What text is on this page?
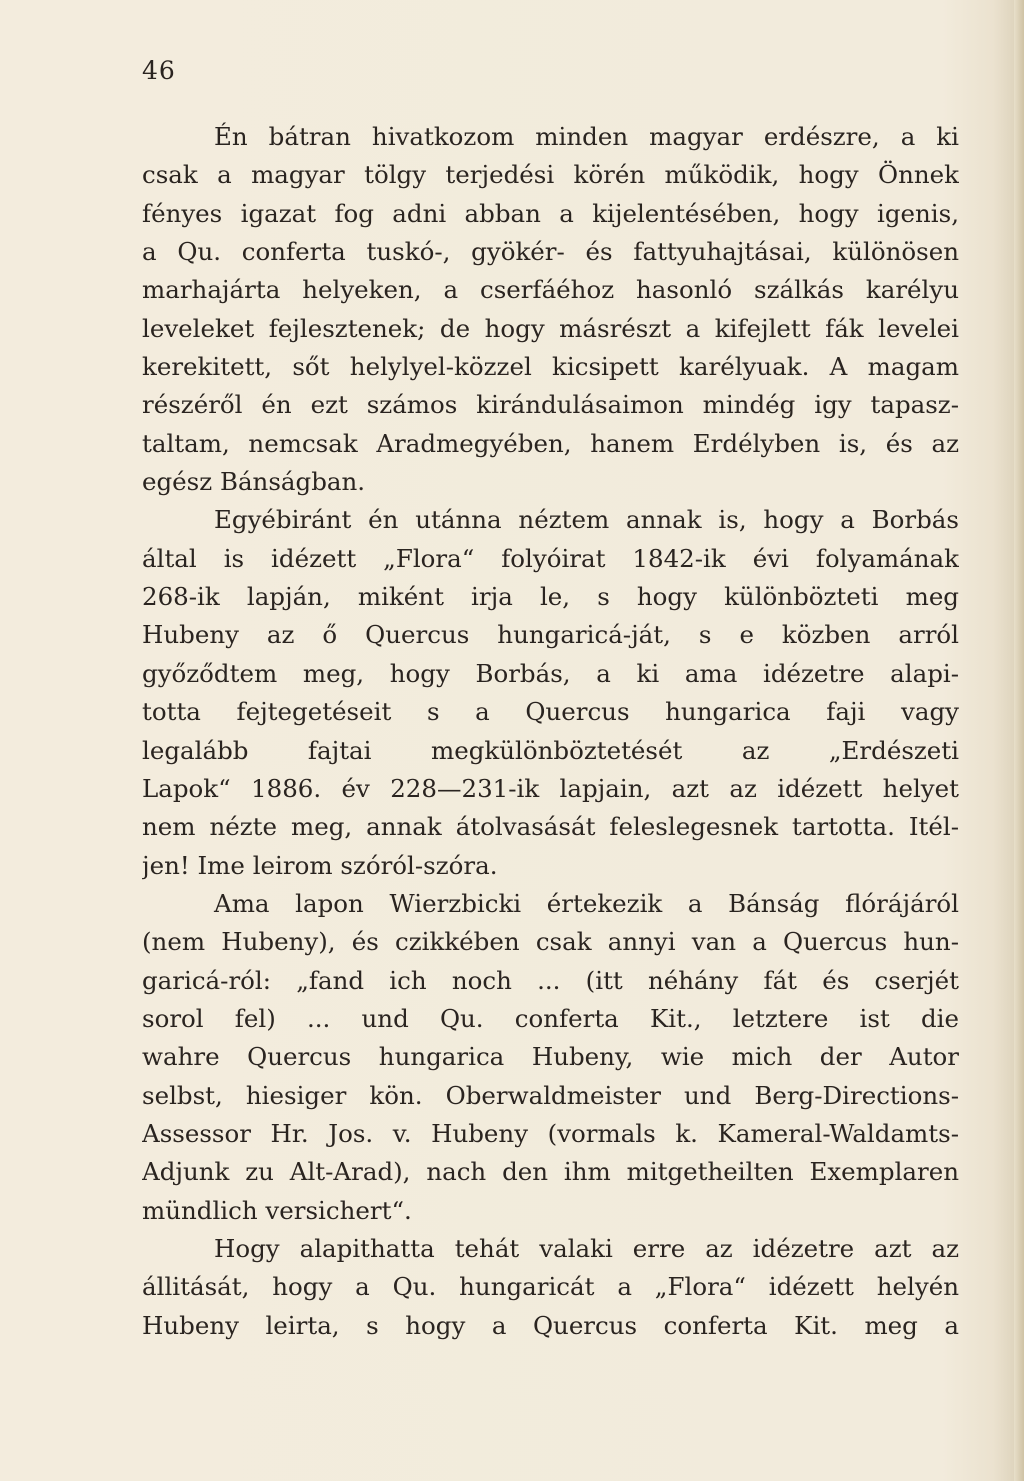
46
Én bátran hivatkozom minden magyar erdészre, a ki
csak a magyar tölgy terjedési körén működik, hogy Önnek
fényes igazat fog adni abban a kijelentésében, hogy igenis,
a Qu. conferta tuskó-, gyökér- és fattyuhajtásai, különösen
marhajárta helyeken, a cserfáéhoz hasonló szálkás karélyu
leveleket fejlesztenek; de hogy másrészt a kifejlett fák levelei
kerekitett, sőt helylyel-közzel kicsipett karélyuak. A magam
részéről én ezt számos kirándulásaimon mindég igy tapasz-
taltam, nemcsak Aradmegyében, hanem Erdélyben is, és az
egész Bánságban.
Egyébiránt én utánna néztem annak is, hogy a Borbás
által is idézett „Flora“ folyóirat 1842-ik évi folyamának
268-ik lapján, miként irja le, s hogy különbözteti meg
Hubeny az ő Quercus hungaricá-ját, s e közben arról
győződtem meg, hogy Borbás, a ki ama idézetre alapi-
totta fejtegetéseit s a Quercus hungarica faji vagy
legalább fajtai megkülönböztetését az „Erdészeti
Lapok“ 1886. év 228—231-ik lapjain, azt az idézett helyet
nem nézte meg, annak átolvasását feleslegesnek tartotta. Itél-
jen! Ime leirom szóról-szóra.
Ama lapon Wierzbicki értekezik a Bánság flórájáról
(nem Hubeny), és czikkében csak annyi van a Quercus hun-
garicá-ról: „fand ich noch ... (itt néhány fát és cserjét
sorol fel) ... und Qu. conferta Kit., letztere ist die
wahre Quercus hungarica Hubeny, wie mich der Autor
selbst, hiesiger kön. Oberwaldmeister und Berg-Directions-
Assessor Hr. Jos. v. Hubeny (vormals k. Kameral-Waldamts-
Adjunk zu Alt-Arad), nach den ihm mitgetheilten Exemplaren
mündlich versichert“.
Hogy alapithatta tehát valaki erre az idézetre azt az
állitását, hogy a Qu. hungaricát a „Flora“ idézett helyén
Hubeny leirta, s hogy a Quercus conferta Kit. meg a
